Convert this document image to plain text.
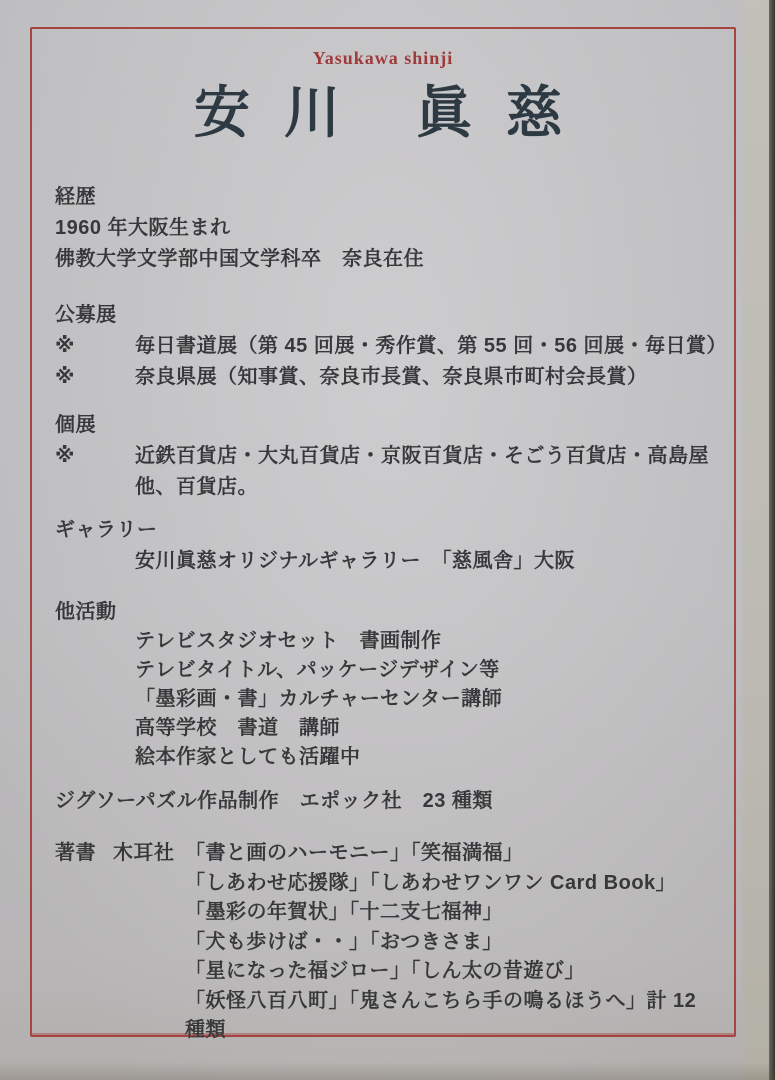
Yasukawa shinji
安 川　眞 慈
経歴
1960 年大阪生まれ
佛教大学文学部中国文学科卒　奈良在住
公募展
※	毎日書道展（第 45 回展・秀作賞、第 55 回・56 回展・毎日賞）
※	奈良県展（知事賞、奈良市長賞、奈良県市町村会長賞）
個展
※	近鉄百貨店・大丸百貨店・京阪百貨店・そごう百貨店・高島屋
他、百貨店。
ギャラリー
安川眞慈オリジナルギャラリー　「慈風舎」大阪
他活動
テレビスタジオセット　書画制作
テレビタイトル、パッケージデザイン等
「墨彩画・書」カルチャーセンター講師
高等学校　書道　講師
絵本作家としても活躍中
ジグソーパズル作品制作　エポック社　23 種類
著書 木耳社 「書と画のハーモニー」「笑福満福」
「しあわせ応援隊」「しあわせワンワン Card Book」
「墨彩の年賀状」「十二支七福神」
「犬も歩けば・・」「おつきさま」
「星になった福ジロー」「しん太の昔遊び」
「妖怪八百八町」「鬼さんこちら手の鳴るほうへ」計 12 種類
